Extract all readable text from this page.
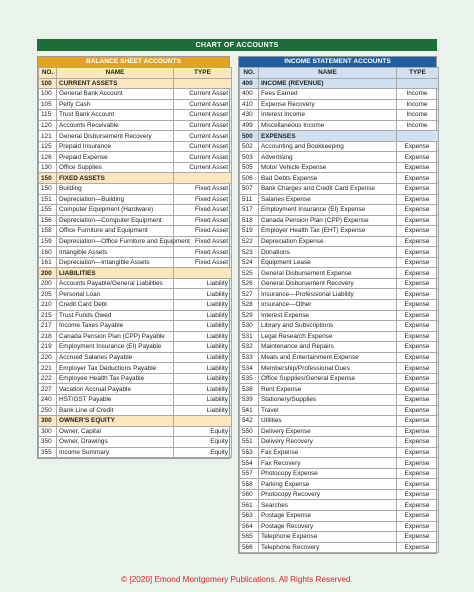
CHART OF ACCOUNTS
BALANCE SHEET ACCOUNTS
NO.	NAME	TYPE
100	CURRENT ASSETS	
100	General Bank Account	Current Asset
105	Petty Cash	Current Asset
115	Trust Bank Account	Current Asset
120	Accounts Receivable	Current Asset
121	General Disbursement Recovery	Current Asset
125	Prepaid Insurance	Current Asset
126	Prepaid Expense	Current Asset
130	Office Supplies	Current Asset
150	FIXED ASSETS	
150	Building	Fixed Asset
151	Depreciation—Building	Fixed Asset
155	Computer Equipment (Hardware)	Fixed Asset
156	Depreciation—Computer Equipment	Fixed Asset
158	Office Furniture and Equipment	Fixed Asset
159	Depreciation—Office Furniture and Equipment	Fixed Asset
160	Intangible Assets	Fixed Asset
161	Depreciation—Intangible Assets	Fixed Asset
200	LIABILITIES	
200	Accounts Payable/General Liabilities	Liability
205	Personal Loan	Liability
210	Credit Card Debt	Liability
215	Trust Funds Owed	Liability
217	Income Taxes Payable	Liability
218	Canada Pension Plan (CPP) Payable	Liability
219	Employment Insurance (EI) Payable	Liability
220	Accrued Salaries Payable	Liability
221	Employer Tax Deductions Payable	Liability
222	Employee Health Tax Payable	Liability
227	Vacation Accrual Payable	Liability
240	HST/GST Payable	Liability
250	Bank Line of Credit	Liability
300	OWNER'S EQUITY	
300	Owner, Capital	Equity
350	Owner, Drawings	Equity
355	Income Summary	Equity
INCOME STATEMENT ACCOUNTS
NO.	NAME	TYPE
400	INCOME (REVENUE)	
400	Fees Earned	Income
410	Expense Recovery	Income
430	Interest Income	Income
499	Miscellaneous Income	Income
500	EXPENSES	
502	Accounting and Bookkeeping	Expense
503	Advertising	Expense
505	Motor Vehicle Expense	Expense
506	Bad Debts Expense	Expense
507	Bank Charges and Credit Card Expense	Expense
511	Salaries Expense	Expense
517	Employment Insurance (EI) Expense	Expense
518	Canada Pension Plan (CPP) Expense	Expense
519	Employer Health Tax (EHT) Expense	Expense
522	Depreciation Expense	Expense
523	Donations	Expense
524	Equipment Lease	Expense
525	General Disbursement Expense	Expense
526	General Disbursement Recovery	Expense
527	Insurance—Professional Liability	Expense
528	Insurance—Other	Expense
529	Interest Expense	Expense
530	Library and Subscriptions	Expense
531	Legal Research Expense	Expense
532	Maintenance and Repairs	Expense
533	Meals and Entertainment Expense	Expense
534	Membership/Professional Dues	Expense
535	Office Supplies/General Expense	Expense
538	Rent Expense	Expense
539	Stationery/Supplies	Expense
541	Travel	Expense
542	Utilities	Expense
550	Delivery Expense	Expense
551	Delivery Recovery	Expense
553	Fax Expense	Expense
554	Fax Recovery	Expense
557	Photocopy Expense	Expense
558	Parking Expense	Expense
560	Photocopy Recovery	Expense
561	Searches	Expense
563	Postage Expense	Expense
564	Postage Recovery	Expense
565	Telephone Expense	Expense
566	Telephone Recovery	Expense
© [2020] Emond Montgomery Publications. All Rights Reserved.
